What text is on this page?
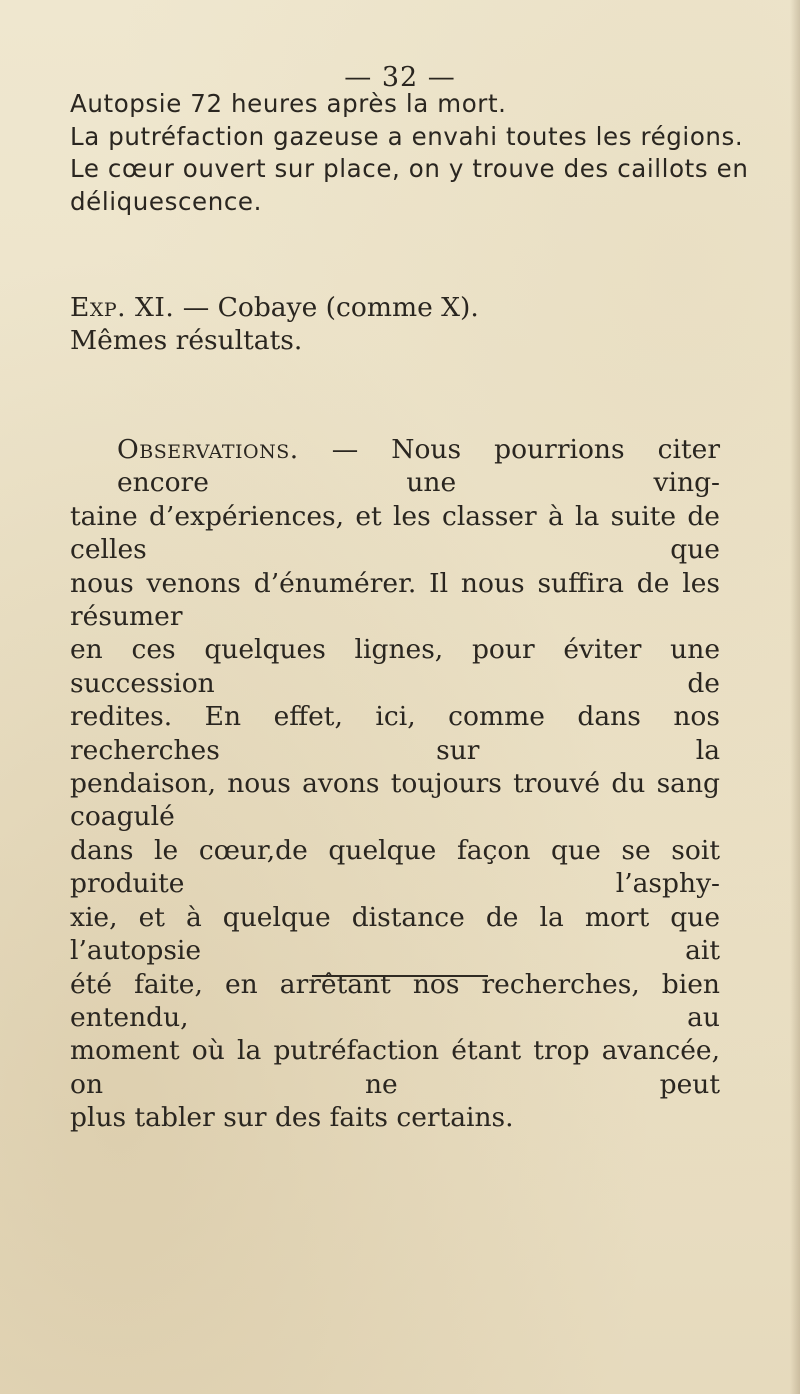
— 32 —
Autopsie 72 heures après la mort.
La putréfaction gazeuse a envahi toutes les régions.
Le cœur ouvert sur place, on y trouve des caillots en
déliquescence.
Exp. XI. — Cobaye (comme X).
Mêmes résultats.
Observations. — Nous pourrions citer encore une ving-
taine d’expériences, et les classer à la suite de celles que
nous venons d’énumérer. Il nous suffira de les résumer
en ces quelques lignes, pour éviter une succession de
redites. En effet, ici, comme dans nos recherches sur la
pendaison, nous avons toujours trouvé du sang coagulé
dans le cœur,de quelque façon que se soit produite l’asphy-
xie, et à quelque distance de la mort que l’autopsie ait
été faite, en arrêtant nos recherches, bien entendu, au
moment où la putréfaction étant trop avancée, on ne peut
plus tabler sur des faits certains.
